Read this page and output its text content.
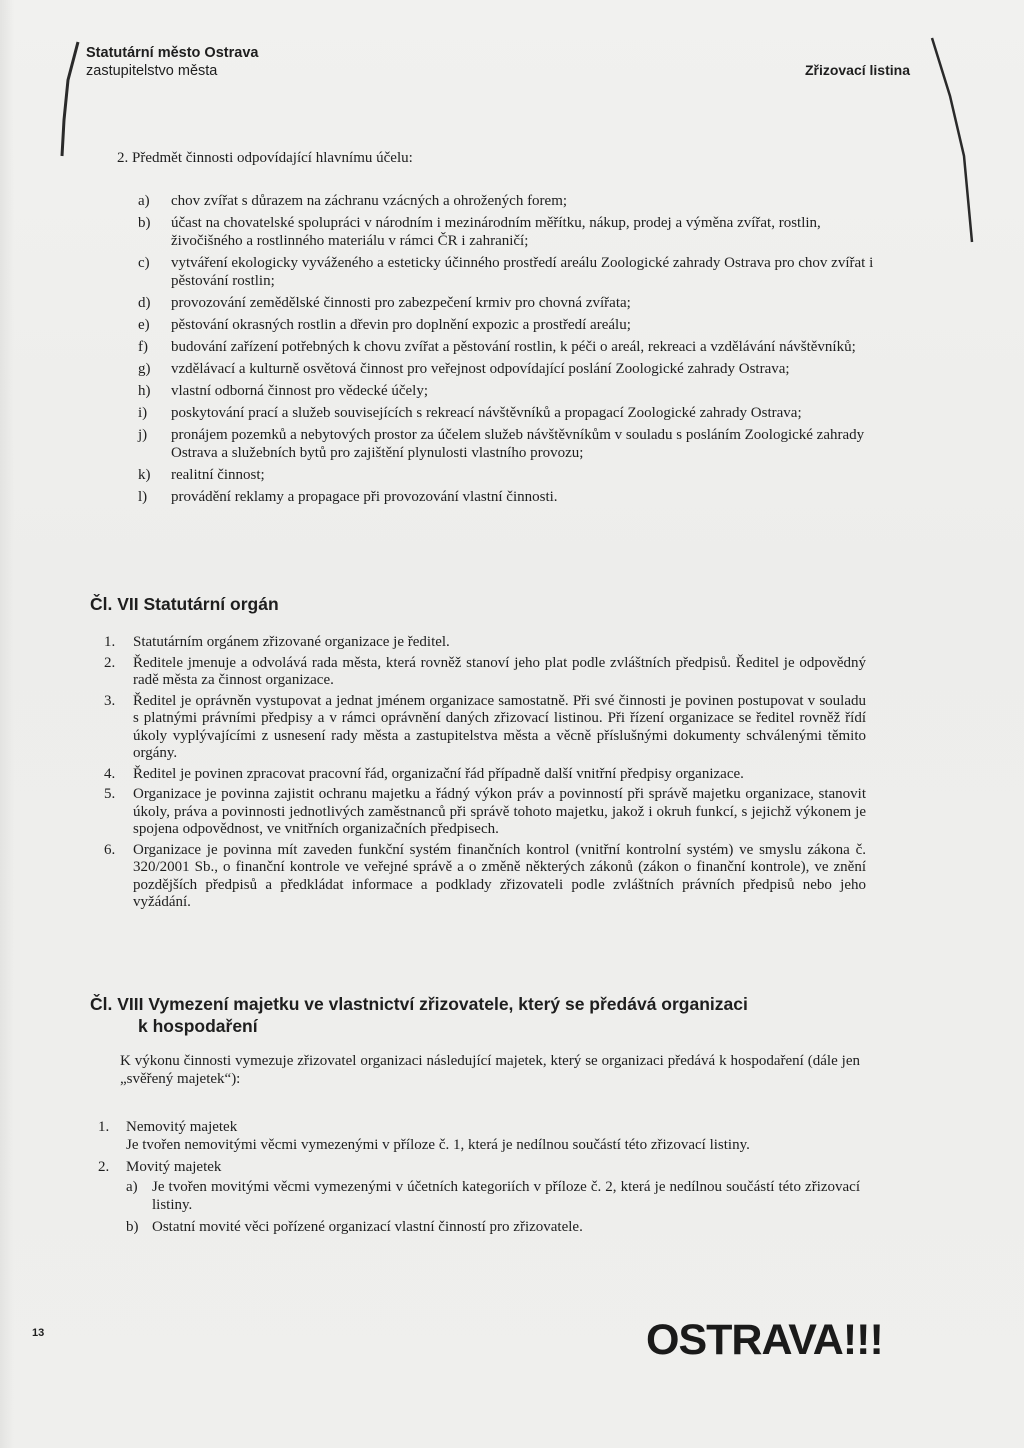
Statutární město Ostrava
zastupitelstvo města	Zřizovací listina
2. Předmět činnosti odpovídající hlavnímu účelu:
a)	chov zvířat s důrazem na záchranu vzácných a ohrožených forem;
b)	účast na chovatelské spolupráci v národním i mezinárodním měřítku, nákup, prodej a výměna zvířat, rostlin, živočišného a rostlinného materiálu v rámci ČR i zahraničí;
c)	vytváření ekologicky vyváženého a esteticky účinného prostředí areálu Zoologické zahrady Ostrava pro chov zvířat i pěstování rostlin;
d)	provozování zemědělské činnosti pro zabezpečení krmiv pro chovná zvířata;
e)	pěstování okrasných rostlin a dřevin pro doplnění expozic a prostředí areálu;
f)	budování zařízení potřebných k chovu zvířat a pěstování rostlin, k péči o areál, rekreaci a vzdělávání návštěvníků;
g)	vzdělávací a kulturně osvětová činnost pro veřejnost odpovídající poslání Zoologické zahrady Ostrava;
h)	vlastní odborná činnost pro vědecké účely;
i)	poskytování prací a služeb souvisejících s rekreací návštěvníků a propagací Zoologické zahrady Ostrava;
j)	pronájem pozemků a nebytových prostor za účelem služeb návštěvníkům v souladu s posláním Zoologické zahrady Ostrava a služebních bytů pro zajištění plynulosti vlastního provozu;
k)	realitní činnost;
l)	provádění reklamy a propagace při provozování vlastní činnosti.
Čl. VII Statutární orgán
1.	Statutárním orgánem zřizované organizace je ředitel.
2.	Ředitele jmenuje a odvolává rada města, která rovněž stanoví jeho plat podle zvláštních předpisů. Ředitel je odpovědný radě města za činnost organizace.
3.	Ředitel je oprávněn vystupovat a jednat jménem organizace samostatně. Při své činnosti je povinen postupovat v souladu s platnými právními předpisy a v rámci oprávnění daných zřizovací listinou. Při řízení organizace se ředitel rovněž řídí úkoly vyplývajícími z usnesení rady města a zastupitelstva města a věcně příslušnými dokumenty schválenými těmito orgány.
4.	Ředitel je povinen zpracovat pracovní řád, organizační řád případně další vnitřní předpisy organizace.
5.	Organizace je povinna zajistit ochranu majetku a řádný výkon práv a povinností při správě majetku organizace, stanovit úkoly, práva a povinnosti jednotlivých zaměstnanců při správě tohoto majetku, jakož i okruh funkcí, s jejichž výkonem je spojena odpovědnost, ve vnitřních organizačních předpisech.
6.	Organizace je povinna mít zaveden funkční systém finančních kontrol (vnitřní kontrolní systém) ve smyslu zákona č. 320/2001 Sb., o finanční kontrole ve veřejné správě a o změně některých zákonů (zákon o finanční kontrole), ve znění pozdějších předpisů a předkládat informace a podklady zřizovateli podle zvláštních právních předpisů nebo jeho vyžádání.
Čl. VIII Vymezení majetku ve vlastnictví zřizovatele, který se předává organizaci
k hospodaření
K výkonu činnosti vymezuje zřizovatel organizaci následující majetek, který se organizaci předává k hospodaření (dále jen „svěřený majetek“):
1.	Nemovitý majetek
Je tvořen nemovitými věcmi vymezenými v příloze č. 1, která je nedílnou součástí této zřizovací listiny.
2.	Movitý majetek
a) Je tvořen movitými věcmi vymezenými v účetních kategoriích v příloze č. 2, která je nedílnou součástí této zřizovací listiny.
b) Ostatní movité věci pořízené organizací vlastní činností pro zřizovatele.
13	OSTRAVA!!!
